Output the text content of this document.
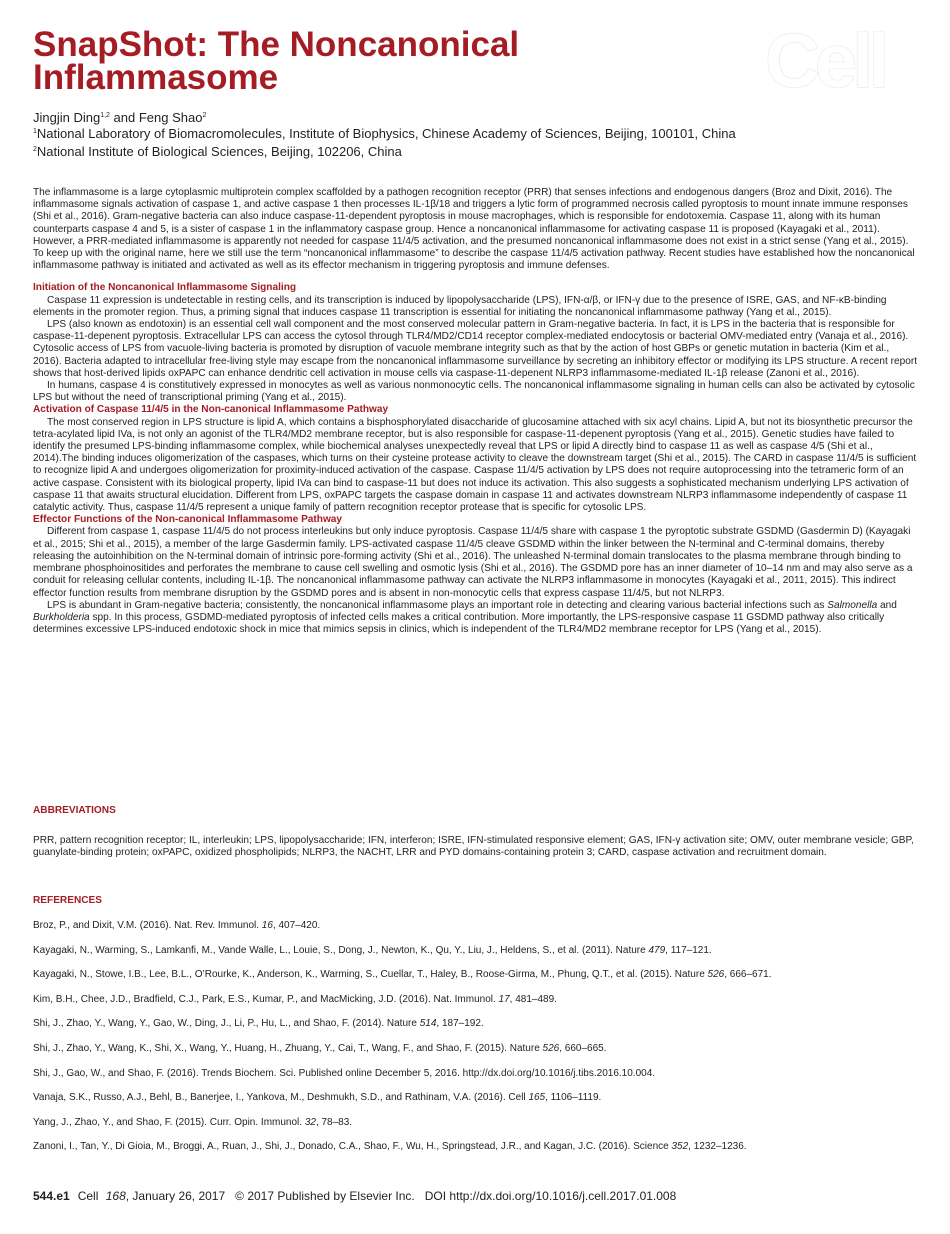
SnapShot: The Noncanonical
Inflammasome	Cell
Jingjin Ding$^{1,2}$ and Feng Shao$^2$
$^1$National Laboratory of Biomacromolecules, Institute of Biophysics, Chinese Academy of Sciences, Beijing, 100101, China
$^2$National Institute of Biological Sciences, Beijing, 102206, China

The inflammasome is a large cytoplasmic multiprotein complex scaffolded by a pathogen recognition receptor (PRR) that senses infections and endogenous dangers (Broz and Dixit, 2016). The inflammasome signals activation of caspase 1, and active caspase 1 then processes IL-1β/18 and triggers a lytic form of programmed necrosis called pyroptosis to mount innate immune responses (Shi et al., 2016). Gram-negative bacteria can also induce caspase-11-dependent pyroptosis in mouse macrophages, which is responsible for endotoxemia. Caspase 11, along with its human counterparts caspase 4 and 5, is a sister of caspase 1 in the inflammatory caspase group. Hence a noncanonical inflammasome for activating caspase 11 is proposed (Kayagaki et al., 2011). However, a PRR-mediated inflammasome is apparently not needed for caspase 11/4/5 activation, and the presumed noncanonical inflammasome does not exist in a strict sense (Yang et al., 2015). To keep up with the original name, here we still use the term “noncanonical inflammasome” to describe the caspase 11/4/5 activation pathway. Recent studies have established how the noncanonical inflammasome pathway is initiated and activated as well as its effector mechanism in triggering pyroptosis and immune defenses.

Initiation of the Noncanonical Inflammasome Signaling

Caspase 11 expression is undetectable in resting cells, and its transcription is induced by lipopolysaccharide (LPS), IFN-α/β, or IFN-γ due to the presence of ISRE, GAS, and NF-κB-binding elements in the promoter region. Thus, a priming signal that induces caspase 11 transcription is essential for initiating the noncanonical inflammasome pathway (Yang et al., 2015).

LPS (also known as endotoxin) is an essential cell wall component and the most conserved molecular pattern in Gram-negative bacteria. In fact, it is LPS in the bacteria that is responsible for caspase-11-depenent pyroptosis. Extracellular LPS can access the cytosol through TLR4/MD2/CD14 receptor complex-mediated endocytosis or bacterial OMV-mediated entry (Vanaja et al., 2016). Cytosolic access of LPS from vacuole-living bacteria is promoted by disruption of vacuole membrane integrity such as that by the action of host GBPs or genetic mutation in bacteria (Kim et al., 2016). Bacteria adapted to intracellular free-living style may escape from the noncanonical inflammasome surveillance by secreting an inhibitory effector or modifying its LPS structure. A recent report shows that host-derived lipids oxPAPC can enhance dendritic cell activation in mouse cells via caspase-11-depenent NLRP3 inflammasome-mediated IL-1β release (Zanoni et al., 2016).

In humans, caspase 4 is constitutively expressed in monocytes as well as various nonmonocytic cells. The noncanonical inflammasome signaling in human cells can also be activated by cytosolic LPS but without the need of transcriptional priming (Yang et al., 2015).

Activation of Caspase 11/4/5 in the Non-canonical Inflammasome Pathway

The most conserved region in LPS structure is lipid A, which contains a bisphosphorylated disaccharide of glucosamine attached with six acyl chains. Lipid A, but not its biosynthetic precursor the tetra-acylated lipid IVa, is not only an agonist of the TLR4/MD2 membrane receptor, but is also responsible for caspase-11-depenent pyroptosis (Yang et al., 2015). Genetic studies have failed to identify the presumed LPS-binding inflammasome complex, while biochemical analyses unexpectedly reveal that LPS or lipid A directly bind to caspase 11 as well as caspase 4/5 (Shi et al., 2014).The binding induces oligomerization of the caspases, which turns on their cysteine protease activity to cleave the downstream target (Shi et al., 2015). The CARD in caspase 11/4/5 is sufficient to recognize lipid A and undergoes oligomerization for proximity-induced activation of the caspase. Caspase 11/4/5 activation by LPS does not require autoprocessing into the tetrameric form of an active caspase. Consistent with its biological property, lipid IVa can bind to caspase-11 but does not induce its activation. This also suggests a sophisticated mechanism underlying LPS activation of caspase 11 that awaits structural elucidation. Different from LPS, oxPAPC targets the caspase domain in caspase 11 and activates downstream NLRP3 inflammasome independently of caspase 11 catalytic activity. Thus, caspase 11/4/5 represent a unique family of pattern recognition receptor protease that is specific for cytosolic LPS.

Effector Functions of the Non-canonical Inflammasome Pathway

Different from caspase 1, caspase 11/4/5 do not process interleukins but only induce pyroptosis. Caspase 11/4/5 share with caspase 1 the pyroptotic substrate GSDMD (Gasdermin D) (Kayagaki et al., 2015; Shi et al., 2015), a member of the large Gasdermin family. LPS-activated caspase 11/4/5 cleave GSDMD within the linker between the N-terminal and C-terminal domains, thereby releasing the autoinhibition on the N-terminal domain of intrinsic pore-forming activity (Shi et al., 2016). The unleashed N-terminal domain translocates to the plasma membrane through binding to membrane phosphoinositides and perforates the membrane to cause cell swelling and osmotic lysis (Shi et al., 2016). The GSDMD pore has an inner diameter of 10–14 nm and may also serve as a conduit for releasing cellular contents, including IL-1β. The noncanonical inflammasome pathway can activate the NLRP3 inflammasome in monocytes (Kayagaki et al., 2011, 2015). This indirect effector function results from membrane disruption by the GSDMD pores and is absent in non-monocytic cells that express caspase 11/4/5, but not NLRP3.

LPS is abundant in Gram-negative bacteria; consistently, the noncanonical inflammasome plays an important role in detecting and clearing various bacterial infections such as Salmonella and Burkholderia spp. In this process, GSDMD-mediated pyroptosis of infected cells makes a critical contribution. More importantly, the LPS-responsive caspase 11 GSDMD pathway also critically determines excessive LPS-induced endotoxic shock in mice that mimics sepsis in clinics, which is independent of the TLR4/MD2 membrane receptor for LPS (Yang et al., 2015).

ABBREVIATIONS

PRR, pattern recognition receptor; IL, interleukin; LPS, lipopolysaccharide; IFN, interferon; ISRE, IFN-stimulated responsive element; GAS, IFN-γ activation site; OMV, outer membrane vesicle; GBP, guanylate-binding protein; oxPAPC, oxidized phospholipids; NLRP3, the NACHT, LRR and PYD domains-containing protein 3; CARD, caspase activation and recruitment domain.

REFERENCES
Broz, P., and Dixit, V.M. (2016). Nat. Rev. Immunol. 16, 407–420.
Kayagaki, N., Warming, S., Lamkanfi, M., Vande Walle, L., Louie, S., Dong, J., Newton, K., Qu, Y., Liu, J., Heldens, S., et al. (2011). Nature 479, 117–121.
Kayagaki, N., Stowe, I.B., Lee, B.L., O’Rourke, K., Anderson, K., Warming, S., Cuellar, T., Haley, B., Roose-Girma, M., Phung, Q.T., et al. (2015). Nature 526, 666–671.
Kim, B.H., Chee, J.D., Bradfield, C.J., Park, E.S., Kumar, P., and MacMicking, J.D. (2016). Nat. Immunol. 17, 481–489.
Shi, J., Zhao, Y., Wang, Y., Gao, W., Ding, J., Li, P., Hu, L., and Shao, F. (2014). Nature 514, 187–192.
Shi, J., Zhao, Y., Wang, K., Shi, X., Wang, Y., Huang, H., Zhuang, Y., Cai, T., Wang, F., and Shao, F. (2015). Nature 526, 660–665.
Shi, J., Gao, W., and Shao, F. (2016). Trends Biochem. Sci. Published online December 5, 2016. http://dx.doi.org/10.1016/j.tibs.2016.10.004.
Vanaja, S.K., Russo, A.J., Behl, B., Banerjee, I., Yankova, M., Deshmukh, S.D., and Rathinam, V.A. (2016). Cell 165, 1106–1119.
Yang, J., Zhao, Y., and Shao, F. (2015). Curr. Opin. Immunol. 32, 78–83.
Zanoni, I., Tan, Y., Di Gioia, M., Broggi, A., Ruan, J., Shi, J., Donado, C.A., Shao, F., Wu, H., Springstead, J.R., and Kagan, J.C. (2016). Science 352, 1232–1236.
544.e1 Cell 168, January 26, 2017 © 2017 Published by Elsevier Inc. DOI http://dx.doi.org/10.1016/j.cell.2017.01.008
